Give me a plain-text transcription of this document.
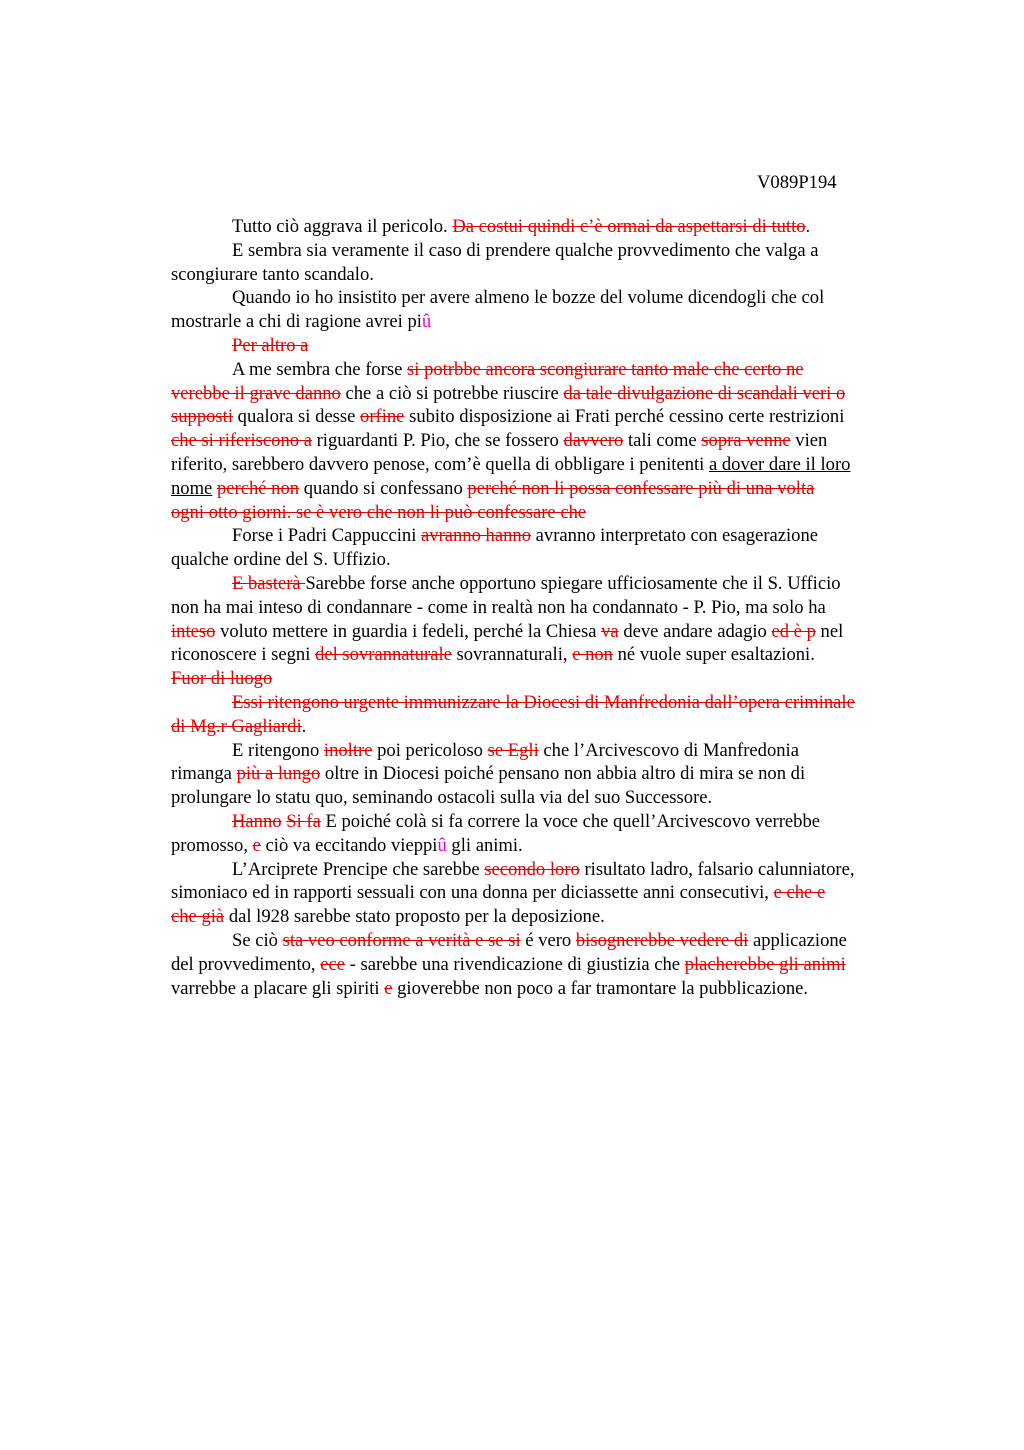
V089P194

Tutto ciò aggrava il pericolo. Da costui quindi c’è ormai da aspettarsi di tutto.

E sembra sia veramente il caso di prendere qualche provvedimento che valga a
scongiurare tanto scandalo.

Quando io ho insistito per avere almeno le bozze del volume dicendogli che col
mostrarle a chi di ragione avrei piû

Per altro a

A me sembra che forse si potrbbe ancora scongiurare tanto male che certo ne
verebbe il grave danno che a ciò si potrebbe riuscire da tale divulgazione di scandali veri o
supposti qualora si desse orfine subito disposizione ai Frati perché cessino certe restrizioni
che si riferiscono a riguardanti P. Pio, che se fossero davvero tali come sopra venne vien
riferito, sarebbero davvero penose, com’è quella di obbligare i penitenti a dover dare il loro
nome perché non quando si confessano perché non li possa confessare più di una volta
ogni otto giorni. se è vero che non li può confessare che

Forse i Padri Cappuccini avranno hanno avranno interpretato con esagerazione
qualche ordine del S. Uffizio.

E basterà Sarebbe forse anche opportuno spiegare ufficiosamente che il S. Ufficio
non ha mai inteso di condannare - come in realtà non ha condannato - P. Pio, ma solo ha
inteso voluto mettere in guardia i fedeli, perché la Chiesa va deve andare adagio ed è p nel
riconoscere i segni del sovrannaturale sovrannaturali, e non né vuole super esaltazioni.

Fuor di luogo

Essi ritengono urgente immunizzare la Diocesi di Manfredonia dall’opera criminale
di Mg.r Gagliardi.

E ritengono inoltre poi pericoloso se Egli che l’Arcivescovo di Manfredonia
rimanga più a lungo oltre in Diocesi poiché pensano non abbia altro di mira se non di
prolungare lo statu quo, seminando ostacoli sulla via del suo Successore.

Hanno Si fa E poiché colà si fa correre la voce che quell’Arcivescovo verrebbe
promosso, e ciò va eccitando vieppiû gli animi.

L’Arciprete Prencipe che sarebbe secondo loro risultato ladro, falsario calunniatore,
simoniaco ed in rapporti sessuali con una donna per diciassette anni consecutivi, e che e
che già dal l928 sarebbe stato proposto per la deposizione.

Se ciò sta veo conforme a verità e se si é vero bisognerebbe vedere di applicazione
del provvedimento, ece - sarebbe una rivendicazione di giustizia che placherebbe gli animi
varrebbe a placare gli spiriti e gioverebbe non poco a far tramontare la pubblicazione.
